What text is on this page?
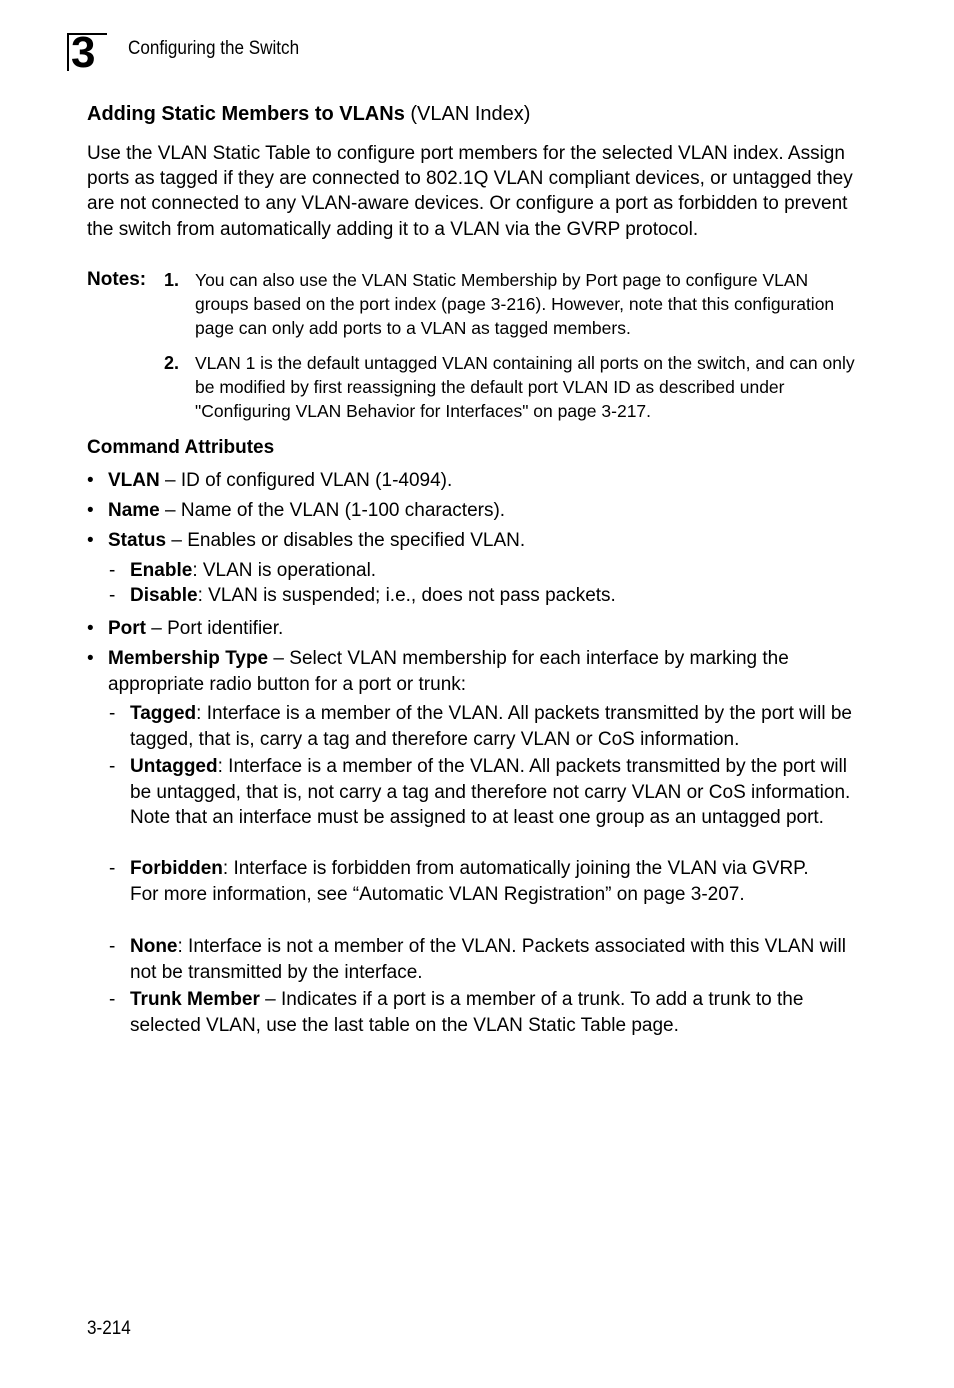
3 Configuring the Switch
Adding Static Members to VLANs (VLAN Index)
Use the VLAN Static Table to configure port members for the selected VLAN index. Assign ports as tagged if they are connected to 802.1Q VLAN compliant devices, or untagged they are not connected to any VLAN-aware devices. Or configure a port as forbidden to prevent the switch from automatically adding it to a VLAN via the GVRP protocol.
Notes: 1. You can also use the VLAN Static Membership by Port page to configure VLAN groups based on the port index (page 3-216). However, note that this configuration page can only add ports to a VLAN as tagged members.
2. VLAN 1 is the default untagged VLAN containing all ports on the switch, and can only be modified by first reassigning the default port VLAN ID as described under "Configuring VLAN Behavior for Interfaces" on page 3-217.
Command Attributes
• VLAN – ID of configured VLAN (1-4094).
• Name – Name of the VLAN (1-100 characters).
• Status – Enables or disables the specified VLAN.
- Enable: VLAN is operational.
- Disable: VLAN is suspended; i.e., does not pass packets.
• Port – Port identifier.
• Membership Type – Select VLAN membership for each interface by marking the appropriate radio button for a port or trunk:
- Tagged: Interface is a member of the VLAN. All packets transmitted by the port will be tagged, that is, carry a tag and therefore carry VLAN or CoS information.
- Untagged: Interface is a member of the VLAN. All packets transmitted by the port will be untagged, that is, not carry a tag and therefore not carry VLAN or CoS information. Note that an interface must be assigned to at least one group as an untagged port.
- Forbidden: Interface is forbidden from automatically joining the VLAN via GVRP. For more information, see “Automatic VLAN Registration” on page 3-207.
- None: Interface is not a member of the VLAN. Packets associated with this VLAN will not be transmitted by the interface.
- Trunk Member – Indicates if a port is a member of a trunk. To add a trunk to the selected VLAN, use the last table on the VLAN Static Table page.
3-214
